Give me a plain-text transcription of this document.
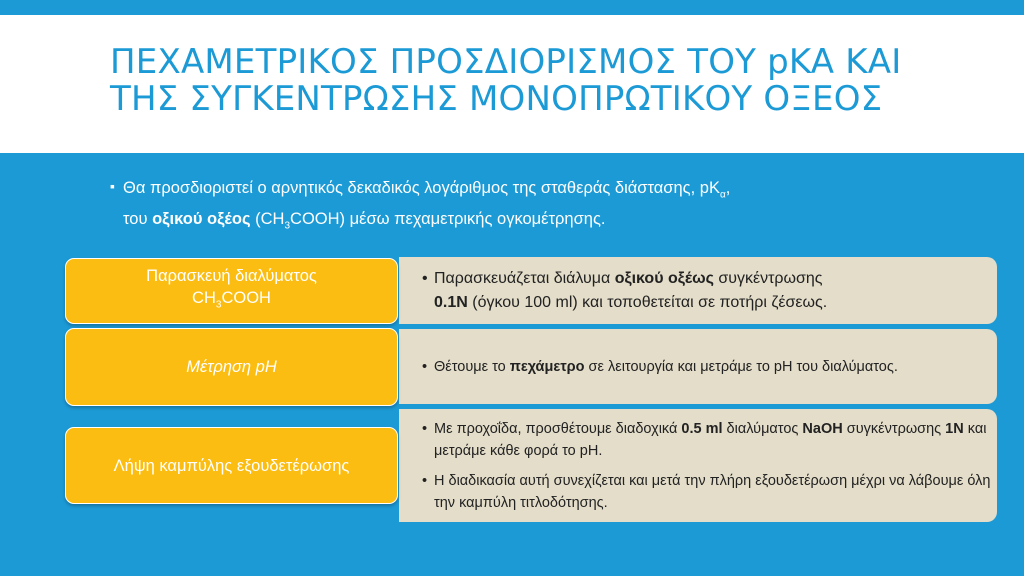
ΠΕΧΑΜΕΤΡΙΚΟΣ ΠΡΟΣΔΙΟΡΙΣΜΟΣ ΤΟΥ pKA ΚΑΙ
ΤΗΣ ΣΥΓΚΕΝΤΡΩΣΗΣ ΜΟΝΟΠΡΩΤΙΚΟΥ ΟΞΕΟΣ
▪ Θα προσδιοριστεί ο αρνητικός δεκαδικός λογάριθμος της σταθεράς διάστασης, $pK_\alpha$,
του οξικού οξέος $(CH_3COOH)$ μέσω πεχαμετρικής ογκομέτρησης.
• Παρασκευάζεται διάλυμα οξικού οξέως συγκέντρωσης
0.1N (όγκου 100 ml) και τοποθετείται σε ποτήρι ζέσεως.
Παρασκευή διαλύματος
$CH_3COOH$
• Θέτουμε το πεχάμετρο σε λειτουργία και μετράμε το pH του διαλύματος.
Μέτρηση pH
• Με προχοΐδα, προσθέτουμε διαδοχικά 0.5 ml διαλύματος NaOH συγκέντρωσης 1N και μετράμε κάθε φορά το pH.
• Η διαδικασία αυτή συνεχίζεται και μετά την πλήρη εξουδετέρωση μέχρι να λάβουμε όλη την καμπύλη τιτλοδότησης.
Λήψη καμπύλης εξουδετέρωσης
